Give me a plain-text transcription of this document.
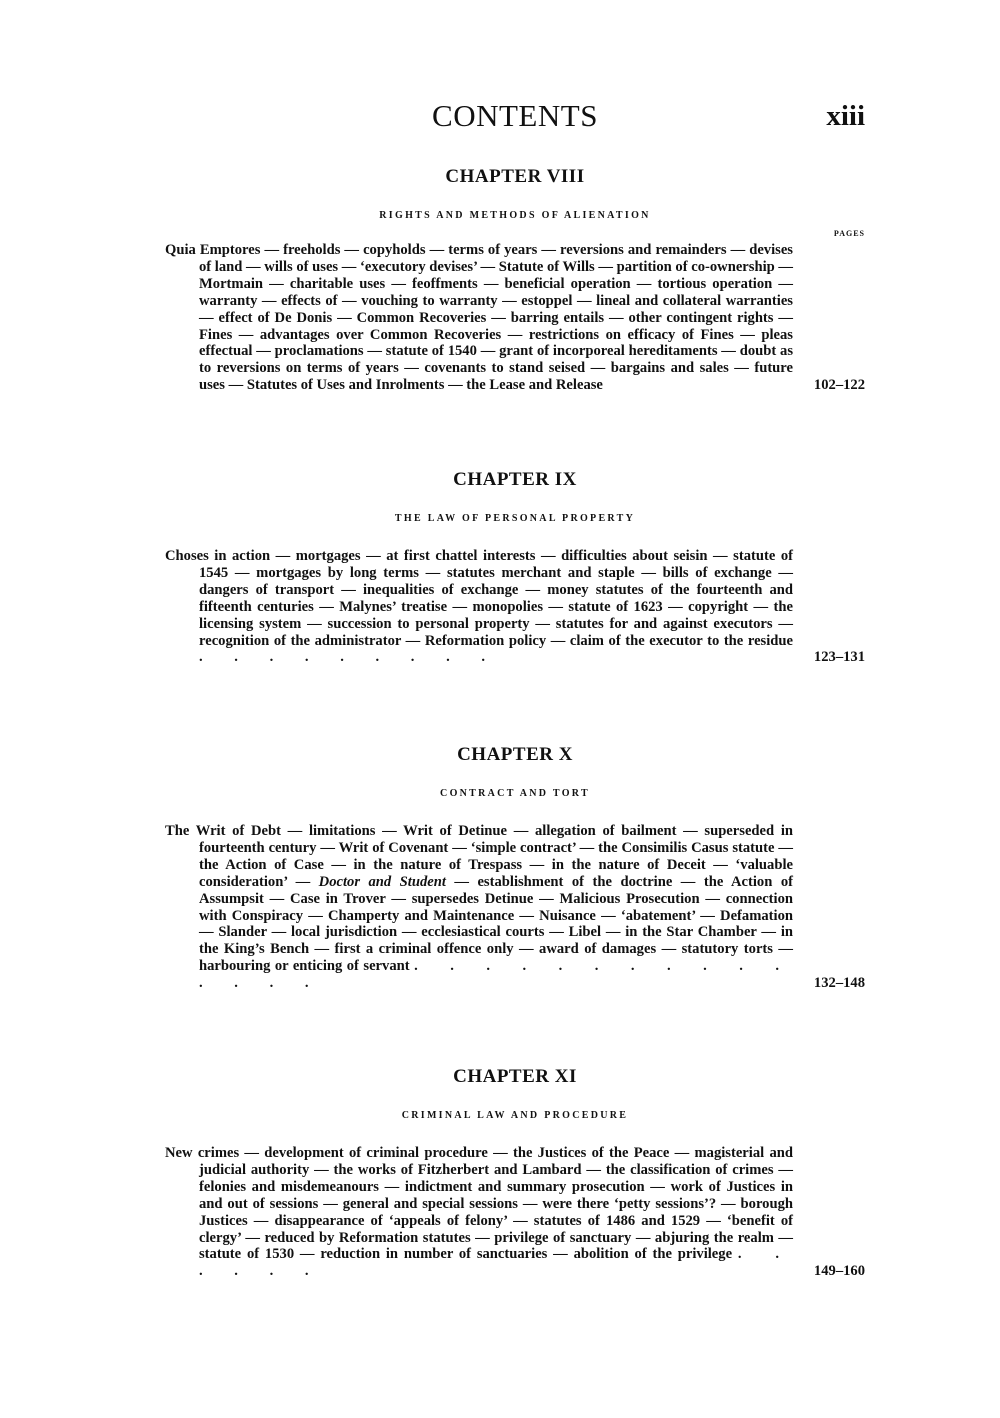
CONTENTS	xiii
CHAPTER VIII
RIGHTS AND METHODS OF ALIENATION
PAGES
Quia Emptores — freeholds — copyholds — terms of years — reversions and remainders — devises of land — wills of uses — ‘executory devises’ — Statute of Wills — partition of co-ownership — Mortmain — charitable uses — feoffments — beneficial operation — tortious operation — warranty — effects of — vouching to warranty — estoppel — lineal and collateral warranties — effect of De Donis — Common Recoveries — barring entails — other contingent rights — Fines — advantages over Common Recoveries — restrictions on efficacy of Fines — pleas effectual — proclamations — statute of 1540 — grant of incorporeal hereditaments — doubt as to reversions on terms of years — covenants to stand seised — bargains and sales — future uses — Statutes of Uses and Inrolments — the Lease and Release	102–122
CHAPTER IX
THE LAW OF PERSONAL PROPERTY
Choses in action — mortgages — at first chattel interests — difficulties about seisin — statute of 1545 — mortgages by long terms — statutes merchant and staple — bills of exchange — dangers of transport — inequalities of exchange — money statutes of the fourteenth and fifteenth centuries — Malynes’ treatise — monopolies — statute of 1623 — copyright — the licensing system — succession to personal property — statutes for and against executors — recognition of the administrator — Reformation policy — claim of the executor to the residue . . . . . . . . .	123–131
CHAPTER X
CONTRACT AND TORT
The Writ of Debt — limitations — Writ of Detinue — allegation of bailment — superseded in fourteenth century — Writ of Covenant — ‘simple contract’ — the Consimilis Casus statute — the Action of Case — in the nature of Trespass — in the nature of Deceit — ‘valuable consideration’ — Doctor and Student — establishment of the doctrine — the Action of Assumpsit — Case in Trover — supersedes Detinue — Malicious Prosecution — connection with Conspiracy — Champerty and Maintenance — Nuisance — ‘abatement’ — Defamation — Slander — local jurisdiction — ecclesiastical courts — Libel — in the Star Chamber — in the King’s Bench — first a criminal offence only — award of damages — statutory torts — harbouring or enticing of servant . . . . . . . . . . . . . . .	132–148
CHAPTER XI
CRIMINAL LAW AND PROCEDURE
New crimes — development of criminal procedure — the Justices of the Peace — magisterial and judicial authority — the works of Fitzherbert and Lambard — the classification of crimes — felonies and misdemeanours — indictment and summary prosecution — work of Justices in and out of sessions — general and special sessions — were there ‘petty sessions’? — borough Justices — disappearance of ‘appeals of felony’ — statutes of 1486 and 1529 — ‘benefit of clergy’ — reduced by Reformation statutes — privilege of sanctuary — abjuring the realm — statute of 1530 — reduction in number of sanctuaries — abolition of the privilege . . . . . .	149–160
